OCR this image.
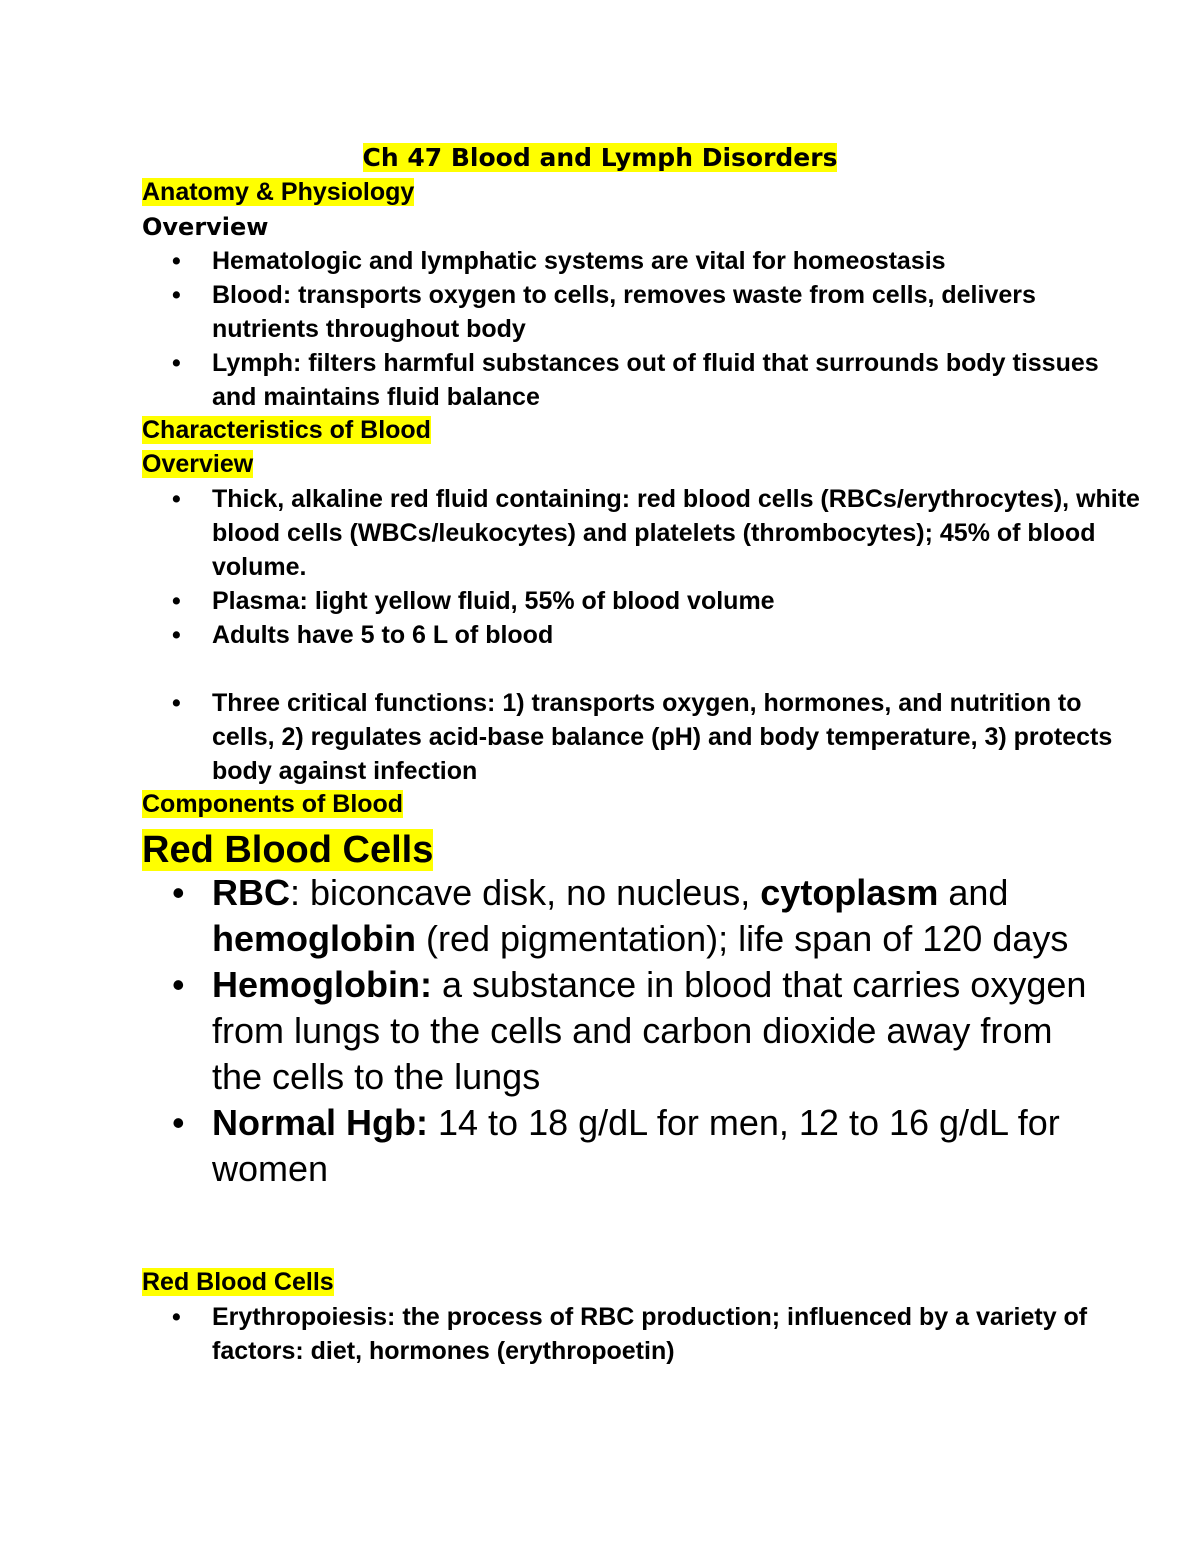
Ch 47 Blood and Lymph Disorders
Anatomy & Physiology
Overview
• Hematologic and lymphatic systems are vital for homeostasis
• Blood: transports oxygen to cells, removes waste from cells, delivers nutrients throughout body
• Lymph: filters harmful substances out of fluid that surrounds body tissues and maintains fluid balance
Characteristics of Blood
Overview
• Thick, alkaline red fluid containing: red blood cells (RBCs/erythrocytes), white blood cells (WBCs/leukocytes) and platelets (thrombocytes); 45% of blood volume.
• Plasma: light yellow fluid, 55% of blood volume
• Adults have 5 to 6 L of blood
• Three critical functions: 1) transports oxygen, hormones, and nutrition to cells, 2) regulates acid-base balance (pH) and body temperature, 3) protects body against infection
Components of Blood
Red Blood Cells
• RBC: biconcave disk, no nucleus, cytoplasm and hemoglobin (red pigmentation); life span of 120 days
• Hemoglobin: a substance in blood that carries oxygen from lungs to the cells and carbon dioxide away from the cells to the lungs
• Normal Hgb: 14 to 18 g/dL for men, 12 to 16 g/dL for women
Red Blood Cells
• Erythropoiesis: the process of RBC production; influenced by a variety of factors: diet, hormones (erythropoetin)
